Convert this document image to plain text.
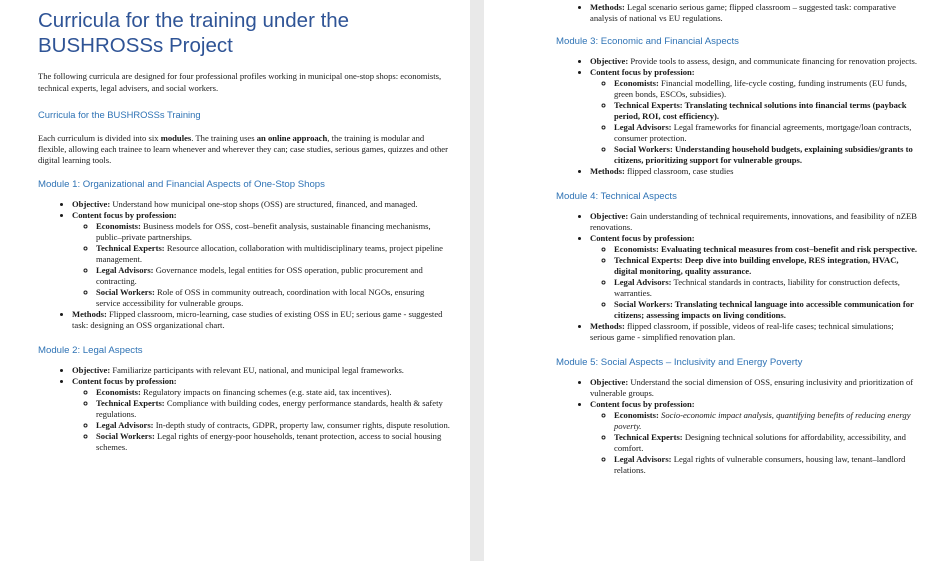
Curricula for the training under the
BUSHROSSs Project

The following curricula are designed for four professional profiles working in municipal one-stop shops: economists, technical experts, legal advisers, and social workers.

Curricula for the BUSHROSSs Training

Each curriculum is divided into six modules. The training uses an online approach, the training is modular and flexible, allowing each trainee to learn whenever and wherever they can; case studies, serious games, quizzes and other digital learning tools.

Module 1: Organizational and Financial Aspects of One-Stop Shops
• Objective: Understand how municipal one-stop shops (OSS) are structured, financed, and managed.
• Content focus by profession:
◦ Economists: Business models for OSS, cost–benefit analysis, sustainable financing mechanisms, public–private partnerships.
◦ Technical Experts: Resource allocation, collaboration with multidisciplinary teams, project pipeline management.
◦ Legal Advisors: Governance models, legal entities for OSS operation, public procurement and contracting.
◦ Social Workers: Role of OSS in community outreach, coordination with local NGOs, ensuring service accessibility for vulnerable groups.
• Methods: Flipped classroom, micro-learning, case studies of existing OSS in EU; serious game - suggested task: designing an OSS organizational chart.
Module 2: Legal Aspects
• Objective: Familiarize participants with relevant EU, national, and municipal legal frameworks.
• Content focus by profession:
◦ Economists: Regulatory impacts on financing schemes (e.g. state aid, tax incentives).
◦ Technical Experts: Compliance with building codes, energy performance standards, health & safety regulations.
◦ Legal Advisors: In-depth study of contracts, GDPR, property law, consumer rights, dispute resolution.
◦ Social Workers: Legal rights of energy-poor households, tenant protection, access to social housing schemes.
• Methods: Legal scenario serious game; flipped classroom – suggested task: comparative analysis of national vs EU regulations.
Module 3: Economic and Financial Aspects
• Objective: Provide tools to assess, design, and communicate financing for renovation projects.
• Content focus by profession:
◦ Economists: Financial modelling, life-cycle costing, funding instruments (EU funds, green bonds, ESCOs, subsidies).
◦ Technical Experts: Translating technical solutions into financial terms (payback period, ROI, cost efficiency).
◦ Legal Advisors: Legal frameworks for financial agreements, mortgage/loan contracts, consumer protection.
◦ Social Workers: Understanding household budgets, explaining subsidies/grants to citizens, prioritizing support for vulnerable groups.
• Methods: flipped classroom, case studies
Module 4: Technical Aspects
• Objective: Gain understanding of technical requirements, innovations, and feasibility of nZEB renovations.
• Content focus by profession:
◦ Economists: Evaluating technical measures from cost–benefit and risk perspective.
◦ Technical Experts: Deep dive into building envelope, RES integration, HVAC, digital monitoring, quality assurance.
◦ Legal Advisors: Technical standards in contracts, liability for construction defects, warranties.
◦ Social Workers: Translating technical language into accessible communication for citizens; assessing impacts on living conditions.
• Methods: flipped classroom, if possible, videos of real-life cases; technical simulations; serious game - simplified renovation plan.
Module 5: Social Aspects – Inclusivity and Energy Poverty
• Objective: Understand the social dimension of OSS, ensuring inclusivity and prioritization of vulnerable groups.
• Content focus by profession:
◦ Economists: Socio-economic impact analysis, quantifying benefits of reducing energy poverty.
◦ Technical Experts: Designing technical solutions for affordability, accessibility, and comfort.
◦ Legal Advisors: Legal rights of vulnerable consumers, housing law, tenant–landlord relations.
